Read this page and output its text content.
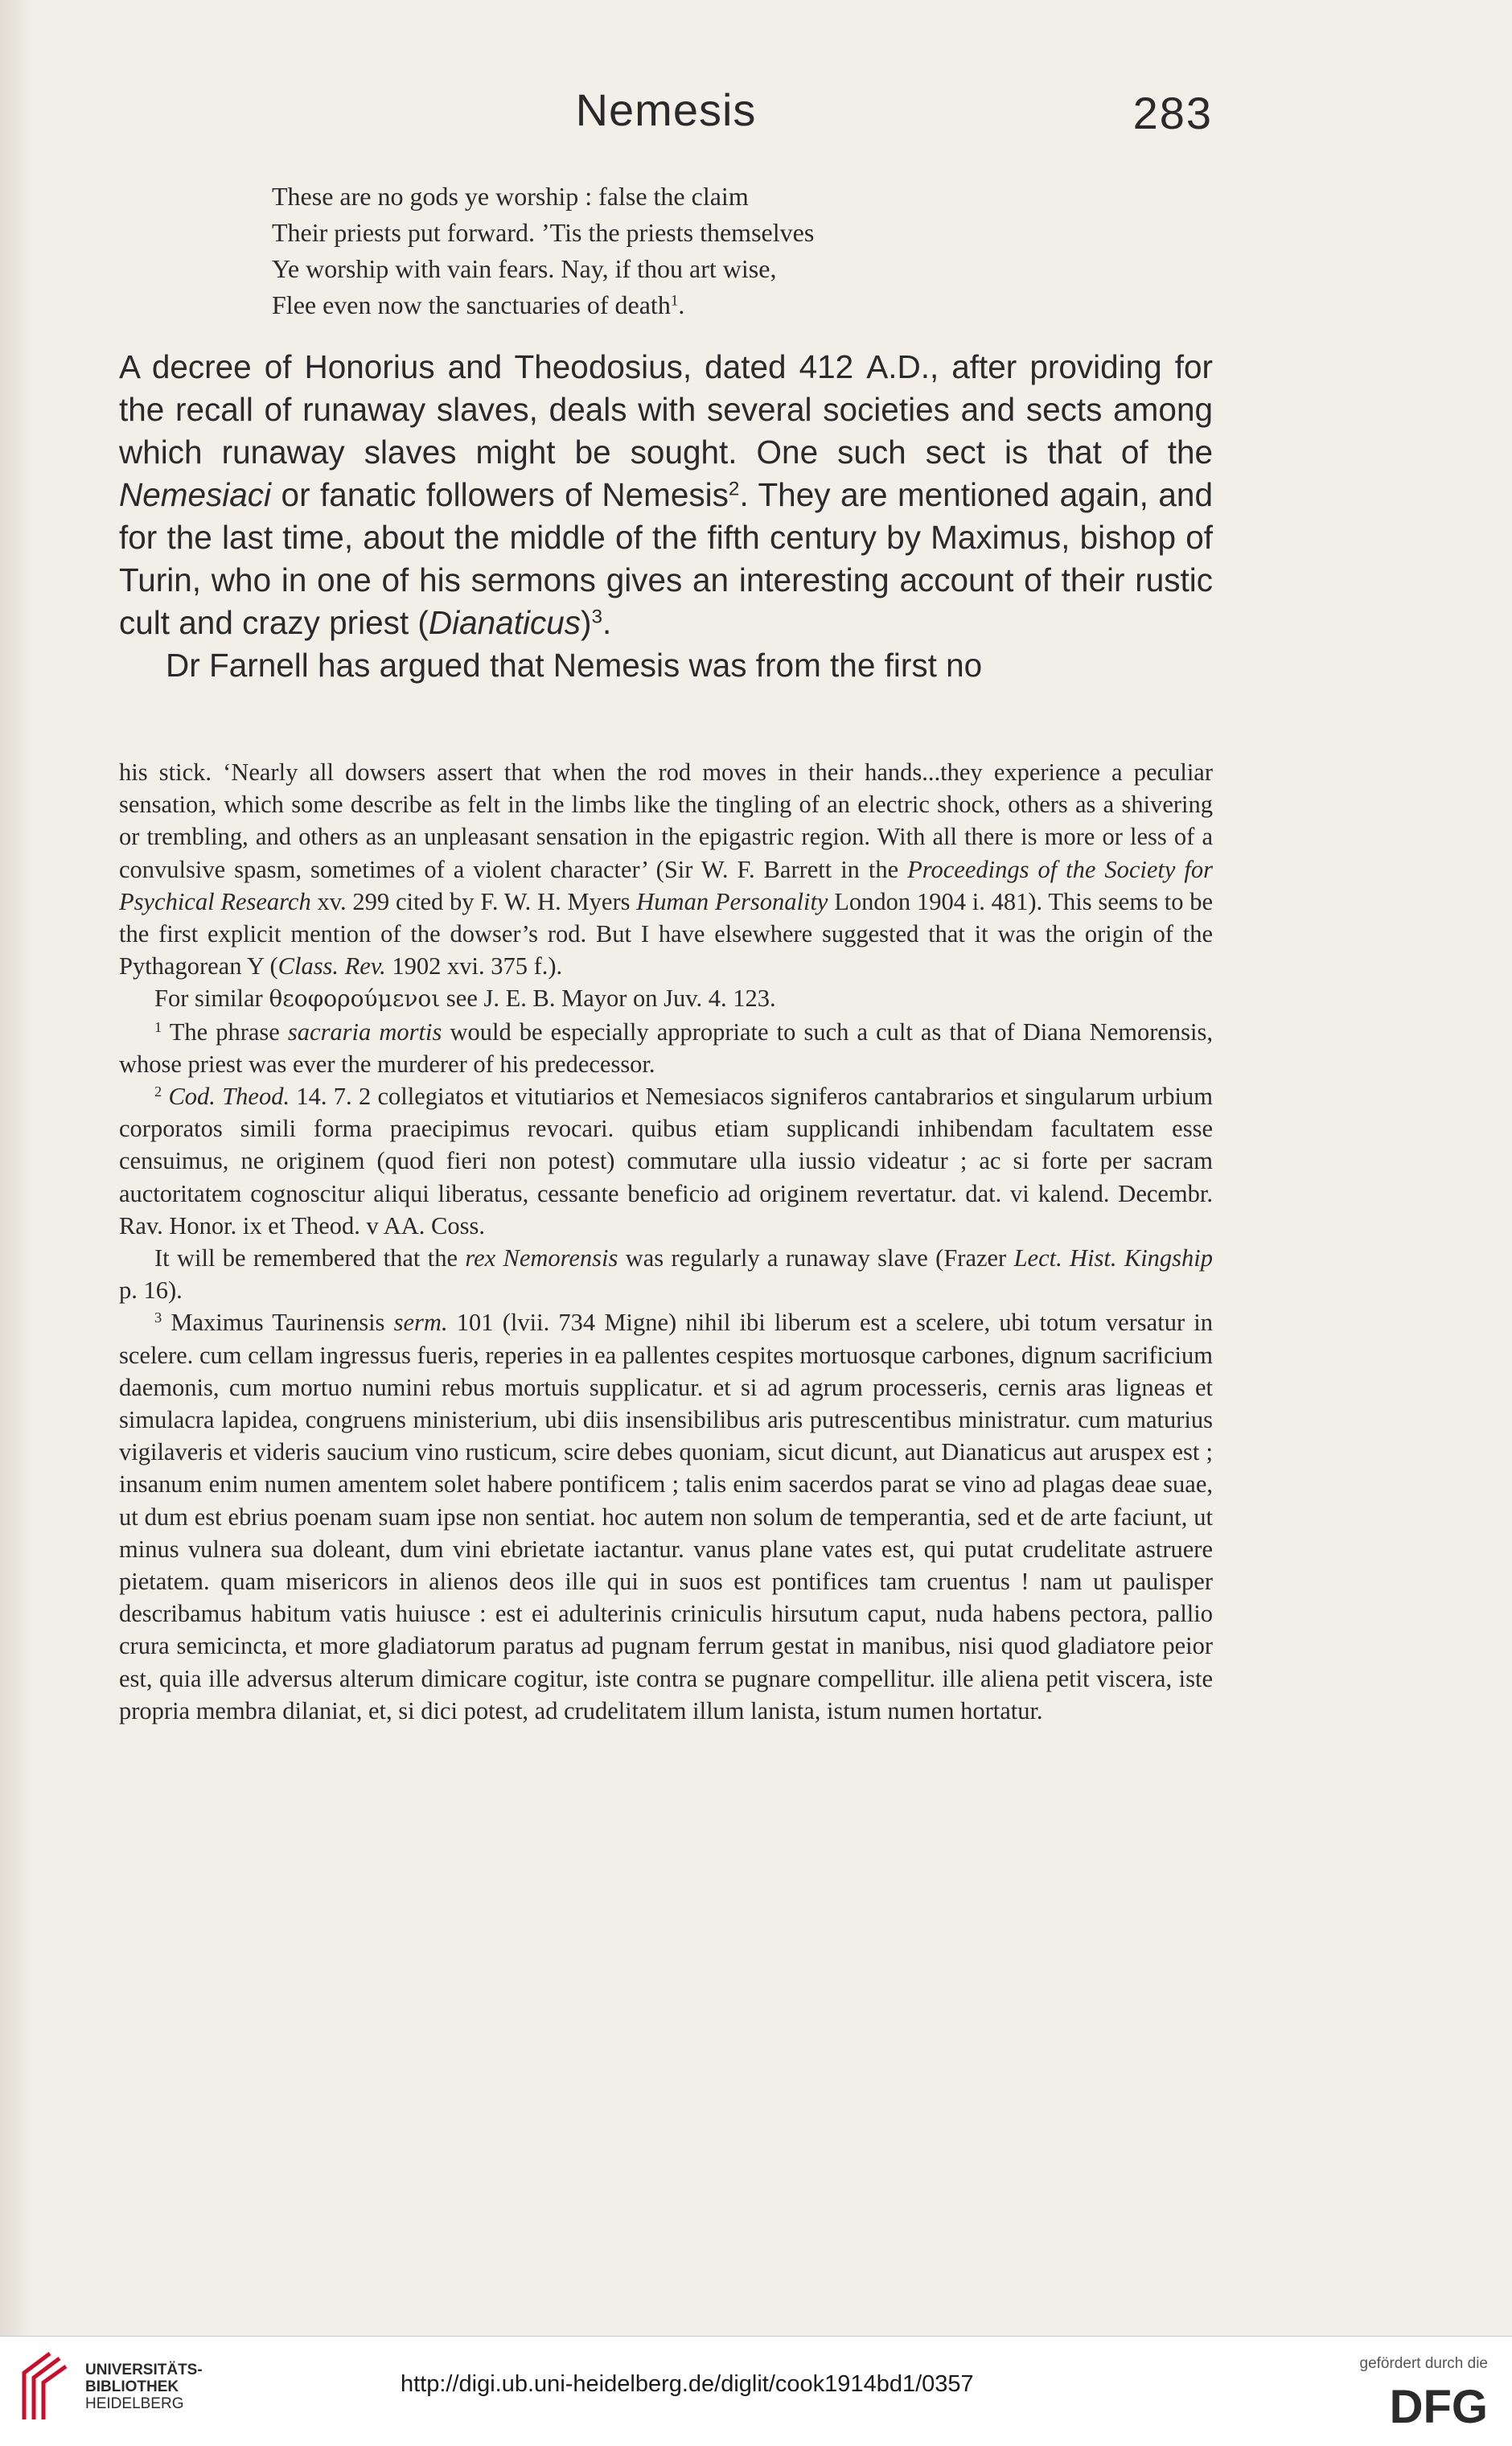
Nemesis	283
These are no gods ye worship : false the claim
Their priests put forward. ’Tis the priests themselves
Ye worship with vain fears. Nay, if thou art wise,
Flee even now the sanctuaries of death$^1$.

A decree of Honorius and Theodosius, dated 412 A.D., after providing for the recall of runaway slaves, deals with several societies and sects among which runaway slaves might be sought. One such sect is that of the Nemesiaci or fanatic followers of Nemesis$^2$. They are mentioned again, and for the last time, about the middle of the fifth century by Maximus, bishop of Turin, who in one of his sermons gives an interesting account of their rustic cult and crazy priest (Dianaticus)$^3$.

Dr Farnell has argued that Nemesis was from the first no

his stick. ‘Nearly all dowsers assert that when the rod moves in their hands...they experience a peculiar sensation, which some describe as felt in the limbs like the tingling of an electric shock, others as a shivering or trembling, and others as an unpleasant sensation in the epigastric region. With all there is more or less of a convulsive spasm, sometimes of a violent character’ (Sir W. F. Barrett in the Proceedings of the Society for Psychical Research xv. 299 cited by F. W. H. Myers Human Personality London 1904 i. 481). This seems to be the first explicit mention of the dowser’s rod. But I have elsewhere suggested that it was the origin of the Pythagorean Y (Class. Rev. 1902 xvi. 375 f.).

For similar θεοφορούμενοι see J. E. B. Mayor on Juv. 4. 123.

$^1$ The phrase sacraria mortis would be especially appropriate to such a cult as that of Diana Nemorensis, whose priest was ever the murderer of his predecessor.

$^2$ Cod. Theod. 14. 7. 2 collegiatos et vitutiarios et Nemesiacos signiferos cantabrarios et singularum urbium corporatos simili forma praecipimus revocari. quibus etiam supplicandi inhibendam facultatem esse censuimus, ne originem (quod fieri non potest) commutare ulla iussio videatur ; ac si forte per sacram auctoritatem cognoscitur aliqui liberatus, cessante beneficio ad originem revertatur. dat. vi kalend. Decembr. Rav. Honor. ix et Theod. v AA. Coss.

It will be remembered that the rex Nemorensis was regularly a runaway slave (Frazer Lect. Hist. Kingship p. 16).

$^3$ Maximus Taurinensis serm. 101 (lvii. 734 Migne) nihil ibi liberum est a scelere, ubi totum versatur in scelere. cum cellam ingressus fueris, reperies in ea pallentes cespites mortuosque carbones, dignum sacrificium daemonis, cum mortuo numini rebus mortuis supplicatur. et si ad agrum processeris, cernis aras ligneas et simulacra lapidea, congruens ministerium, ubi diis insensibilibus aris putrescentibus ministratur. cum maturius vigilaveris et videris saucium vino rusticum, scire debes quoniam, sicut dicunt, aut Dianaticus aut aruspex est ; insanum enim numen amentem solet habere pontificem ; talis enim sacerdos parat se vino ad plagas deae suae, ut dum est ebrius poenam suam ipse non sentiat. hoc autem non solum de temperantia, sed et de arte faciunt, ut minus vulnera sua doleant, dum vini ebrietate iactantur. vanus plane vates est, qui putat crudelitate astruere pietatem. quam misericors in alienos deos ille qui in suos est pontifices tam cruentus ! nam ut paulisper describamus habitum vatis huiusce : est ei adulterinis criniculis hirsutum caput, nuda habens pectora, pallio crura semicincta, et more gladiatorum paratus ad pugnam ferrum gestat in manibus, nisi quod gladiatore peior est, quia ille adversus alterum dimicare cogitur, iste contra se pugnare compellitur. ille aliena petit viscera, iste propria membra dilaniat, et, si dici potest, ad crudelitatem illum lanista, istum numen hortatur.

UNIVERSITÄTS-
BIBLIOTHEK
HEIDELBERG
http://digi.ub.uni-heidelberg.de/diglit/cook1914bd1/0357
gefördert durch die
DFG
